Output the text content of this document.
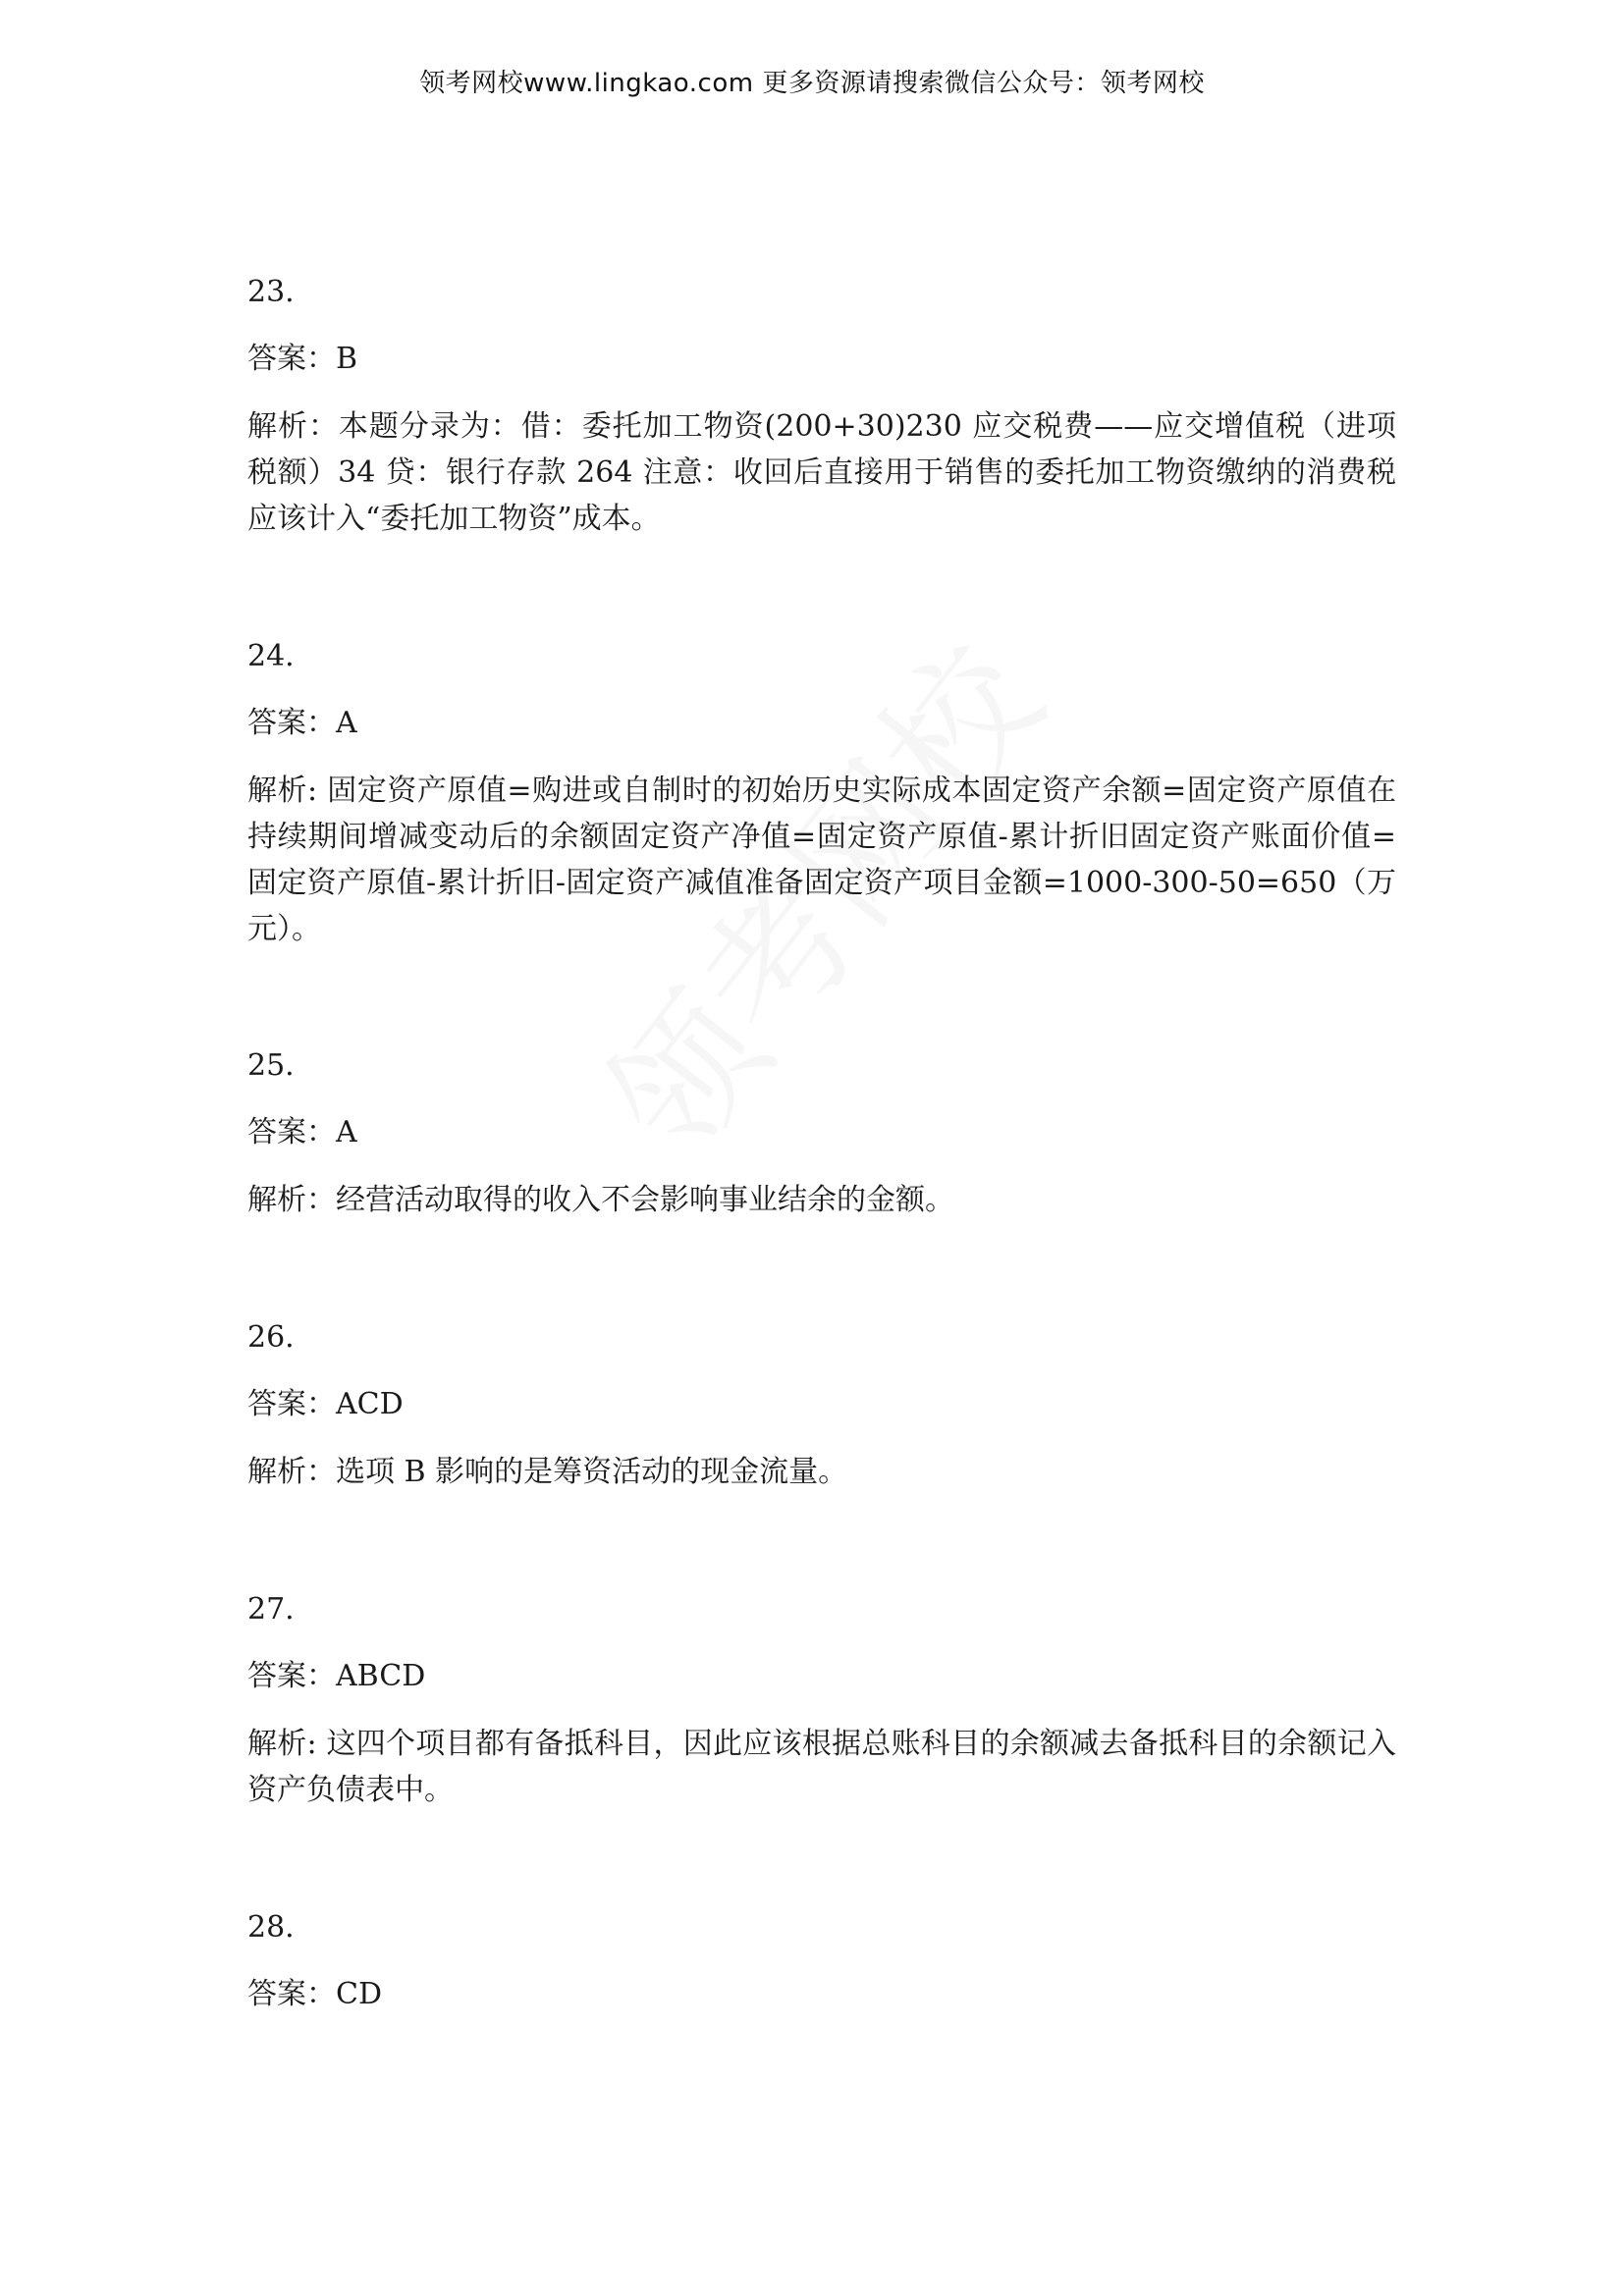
领考网校www.lingkao.com 更多资源请搜索微信公众号：领考网校

23.

答案：B

解析：本题分录为：借：委托加工物资(200+30)230 应交税费——应交增值税（进项税额）34 贷：银行存款 264 注意：收回后直接用于销售的委托加工物资缴纳的消费税应该计入“委托加工物资”成本。

24.

答案：A

解析: 固定资产原值=购进或自制时的初始历史实际成本固定资产余额=固定资产原值在持续期间增减变动后的余额固定资产净值=固定资产原值-累计折旧固定资产账面价值=固定资产原值-累计折旧-固定资产减值准备固定资产项目金额=1000-300-50=650（万元）。

25.

答案：A

解析：经营活动取得的收入不会影响事业结余的金额。

26.

答案：ACD

解析：选项 B 影响的是筹资活动的现金流量。

27.

答案：ABCD

解析: 这四个项目都有备抵科目，因此应该根据总账科目的余额减去备抵科目的余额记入资产负债表中。

28.

答案：CD
